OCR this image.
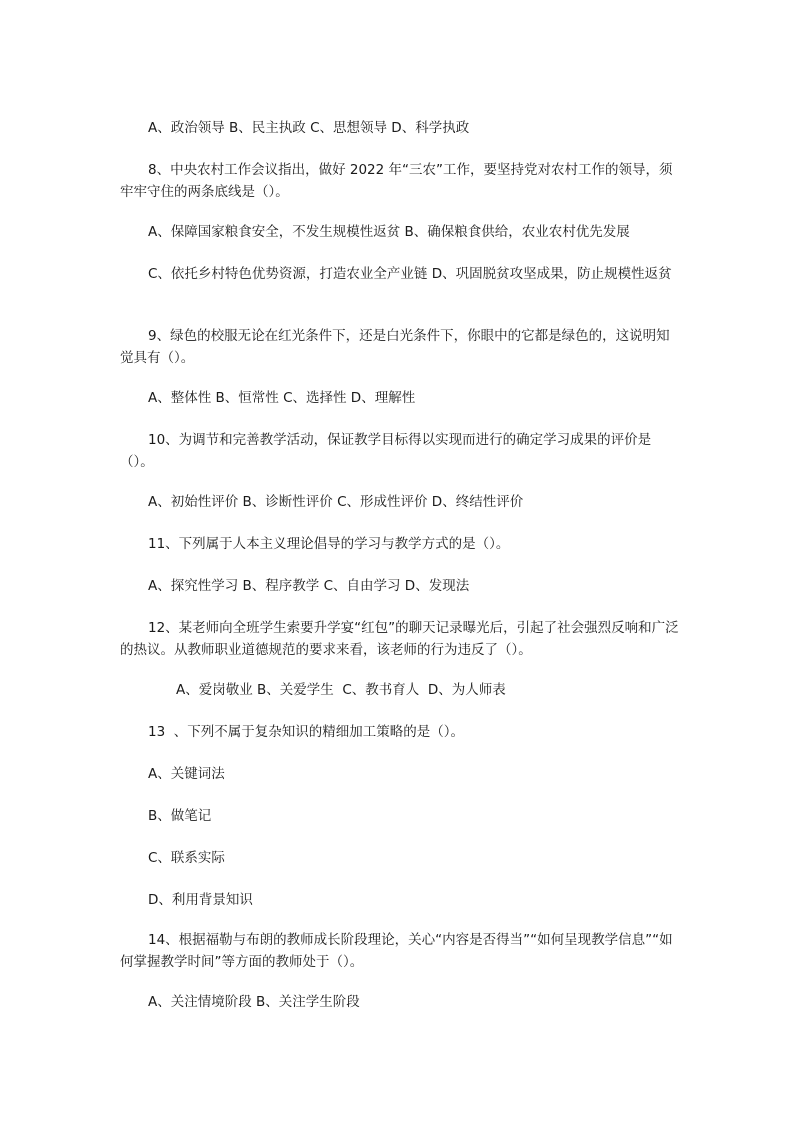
A、政治领导 B、民主执政 C、思想领导 D、科学执政

8、中央农村工作会议指出，做好 2022 年“三农”工作，要坚持党对农村工作的领导，须牢牢守住的两条底线是（）。

A、保障国家粮食安全，不发生规模性返贫 B、确保粮食供给，农业农村优先发展

C、依托乡村特色优势资源，打造农业全产业链 D、巩固脱贫攻坚成果，防止规模性返贫

9、绿色的校服无论在红光条件下，还是白光条件下，你眼中的它都是绿色的，这说明知觉具有（）。

A、整体性 B、恒常性 C、选择性 D、理解性

10、为调节和完善教学活动，保证教学目标得以实现而进行的确定学习成果的评价是（）。

A、初始性评价 B、诊断性评价 C、形成性评价 D、终结性评价

11、下列属于人本主义理论倡导的学习与教学方式的是（）。

A、探究性学习 B、程序教学 C、自由学习 D、发现法

12、某老师向全班学生索要升学宴“红包”的聊天记录曝光后，引起了社会强烈反响和广泛的热议。从教师职业道德规范的要求来看，该老师的行为违反了（）。

A、爱岗敬业 B、关爱学生  C、教书育人  D、为人师表

13  、下列不属于复杂知识的精细加工策略的是（）。

A、关键词法

B、做笔记

C、联系实际

D、利用背景知识

14、根据福勒与布朗的教师成长阶段理论，关心“内容是否得当”“如何呈现教学信息”“如何掌握教学时间”等方面的教师处于（）。

A、关注情境阶段 B、关注学生阶段
